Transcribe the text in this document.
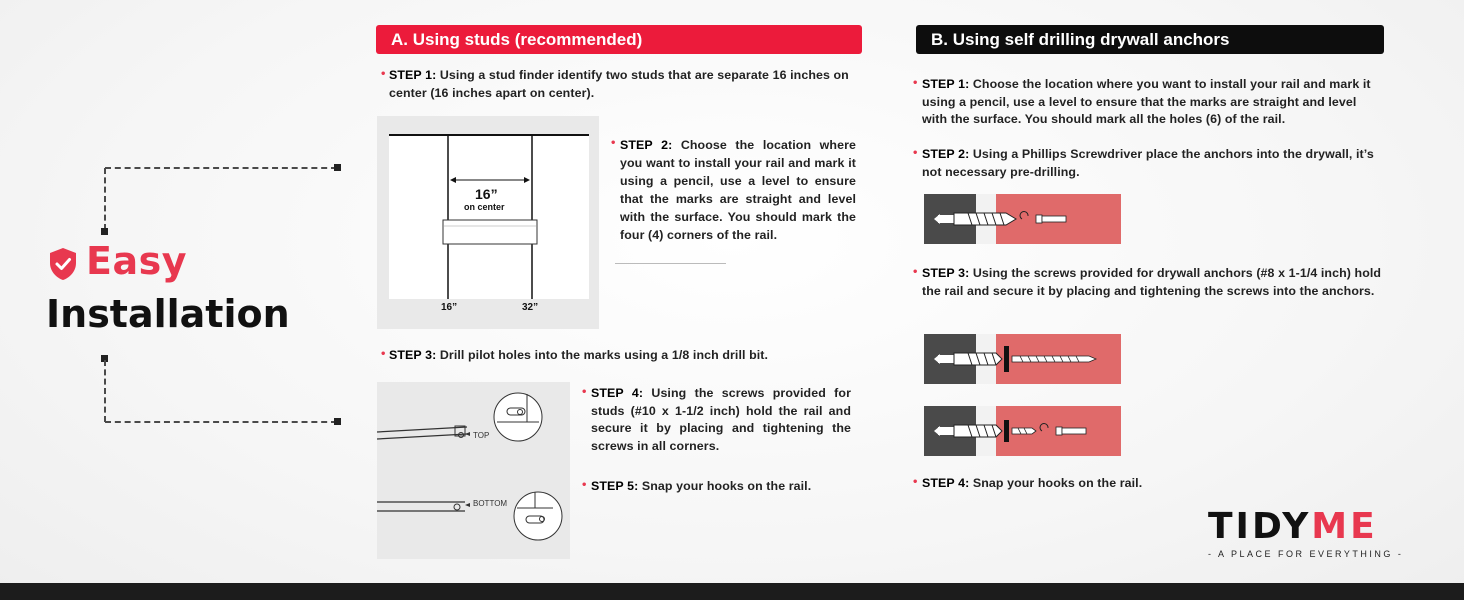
Easy
Installation
A. Using studs (recommended)
• STEP 1: Using a stud finder identify two studs that are separate 16 inches on center (16 inches apart on center).
16”
on center
16”	32”
• STEP 2: Choose the location where you want to install your rail and mark it using a pencil, use a level to ensure that the marks are straight and level with the surface. You should mark the four (4) corners of the rail.
• STEP 3: Drill pilot holes into the marks using a 1/8 inch drill bit.
TOP
BOTTOM
• STEP 4: Using the screws provided for studs (#10 x 1-1/2 inch) hold the rail and secure it by placing and tightening the screws in all corners.
• STEP 5: Snap your hooks on the rail.
B. Using self drilling drywall anchors
• STEP 1: Choose the location where you want to install your rail and mark it using a pencil, use a level to ensure that the marks are straight and level with the surface. You should mark all the holes (6) of the rail.
• STEP 2: Using a Phillips Screwdriver place the anchors into the drywall, it’s not necessary pre-drilling.
• STEP 3: Using the screws provided for drywall anchors (#8 x 1-1/4 inch) hold the rail and secure it by placing and tightening the screws into the anchors.
• STEP 4: Snap your hooks on the rail.
TIDYME
- A PLACE FOR EVERYTHING -
